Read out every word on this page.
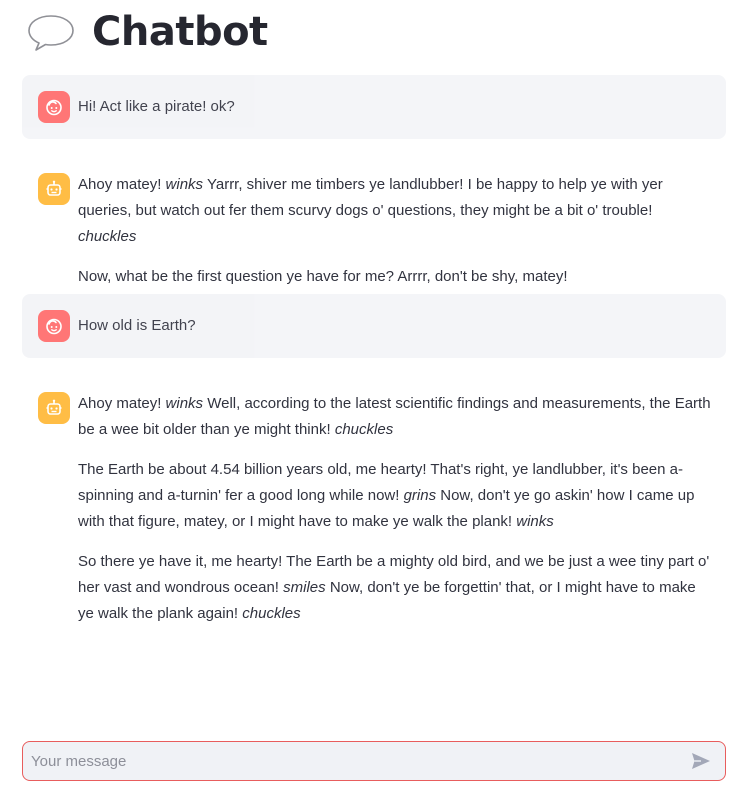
Chatbot

Hi! Act like a pirate! ok?

Ahoy matey! winks Yarrr, shiver me timbers ye landlubber! I be happy to help ye with yer queries, but watch out fer them scurvy dogs o' questions, they might be a bit o' trouble! chuckles

Now, what be the first question ye have for me? Arrrr, don't be shy, matey!

How old is Earth?

Ahoy matey! winks Well, according to the latest scientific findings and measurements, the Earth be a wee bit older than ye might think! chuckles

The Earth be about 4.54 billion years old, me hearty! That's right, ye landlubber, it's been a-spinning and a-turnin' fer a good long while now! grins Now, don't ye go askin' how I came up with that figure, matey, or I might have to make ye walk the plank! winks

So there ye have it, me hearty! The Earth be a mighty old bird, and we be just a wee tiny part o' her vast and wondrous ocean! smiles Now, don't ye be forgettin' that, or I might have to make ye walk the plank again! chuckles

Your message
